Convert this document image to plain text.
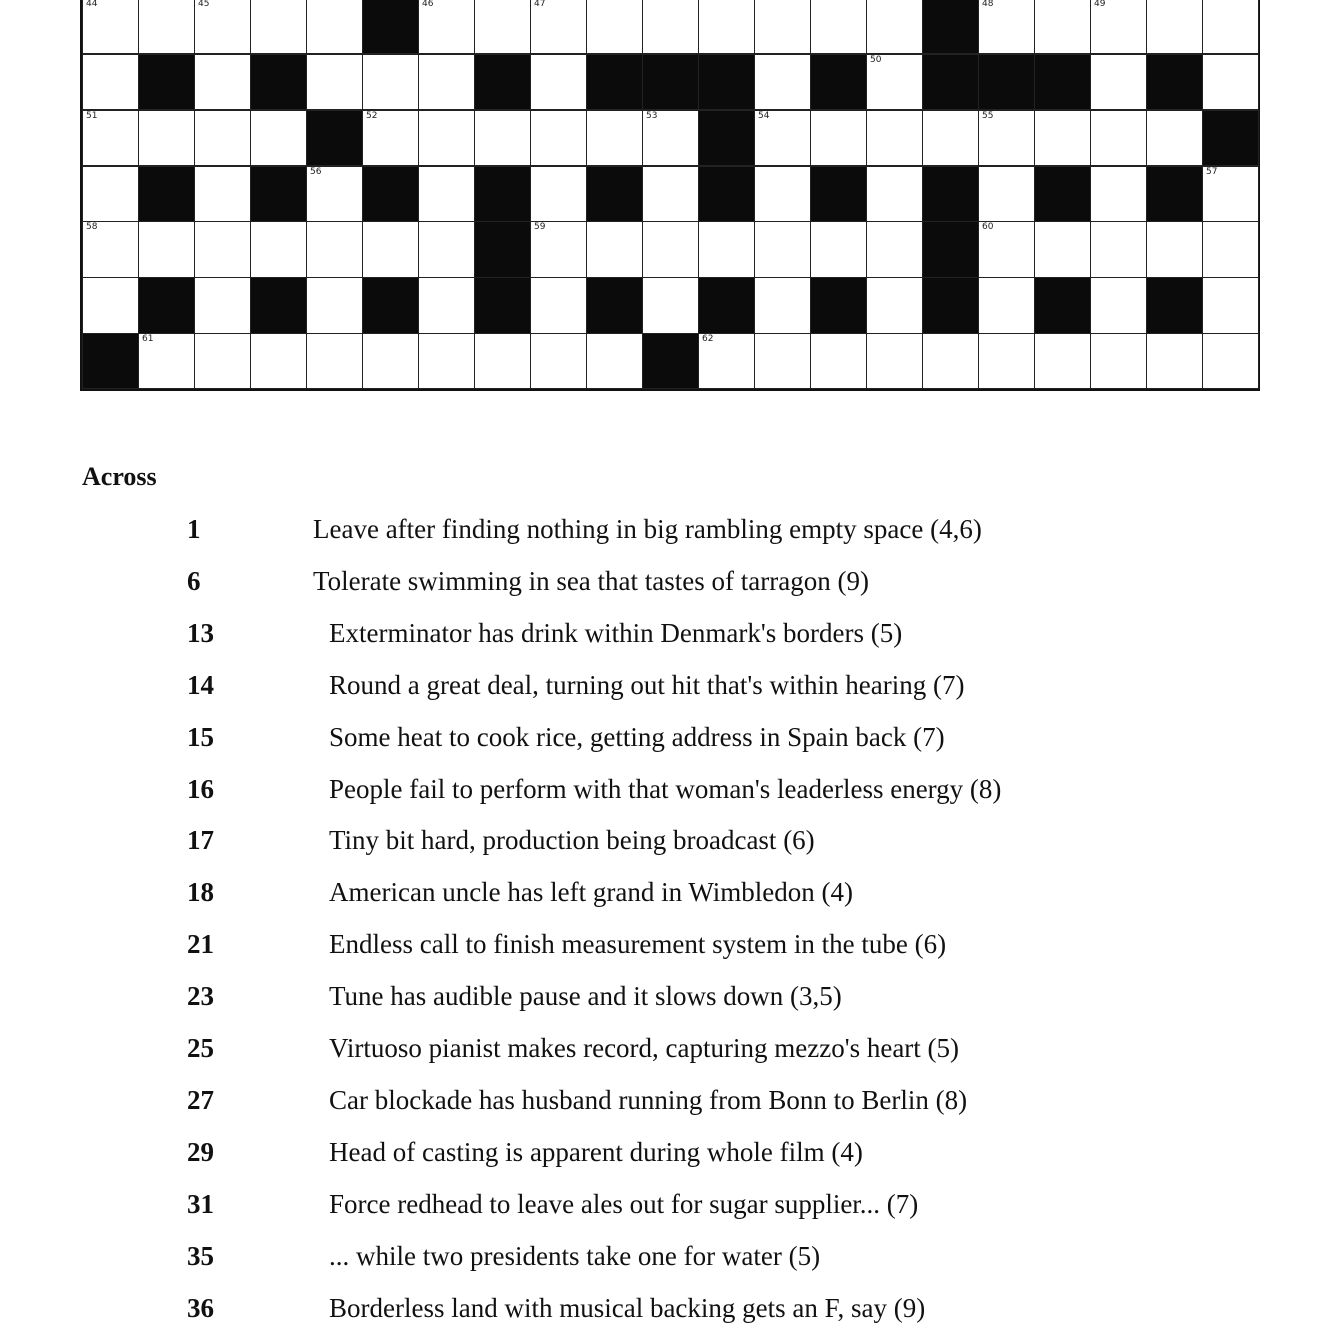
44	45	46	47	48	49
50
51	52	53	54	55
56	57
58	59	60
61	62
Across
1	Leave after finding nothing in big rambling empty space (4,6)
6	Tolerate swimming in sea that tastes of tarragon (9)
13	Exterminator has drink within Denmark's borders (5)
14	Round a great deal, turning out hit that's within hearing (7)
15	Some heat to cook rice, getting address in Spain back (7)
16	People fail to perform with that woman's leaderless energy (8)
17	Tiny bit hard, production being broadcast (6)
18	American uncle has left grand in Wimbledon (4)
21	Endless call to finish measurement system in the tube (6)
23	Tune has audible pause and it slows down (3,5)
25	Virtuoso pianist makes record, capturing mezzo's heart (5)
27	Car blockade has husband running from Bonn to Berlin (8)
29	Head of casting is apparent during whole film (4)
31	Force redhead to leave ales out for sugar supplier... (7)
35	... while two presidents take one for water (5)
36	Borderless land with musical backing gets an F, say (9)
